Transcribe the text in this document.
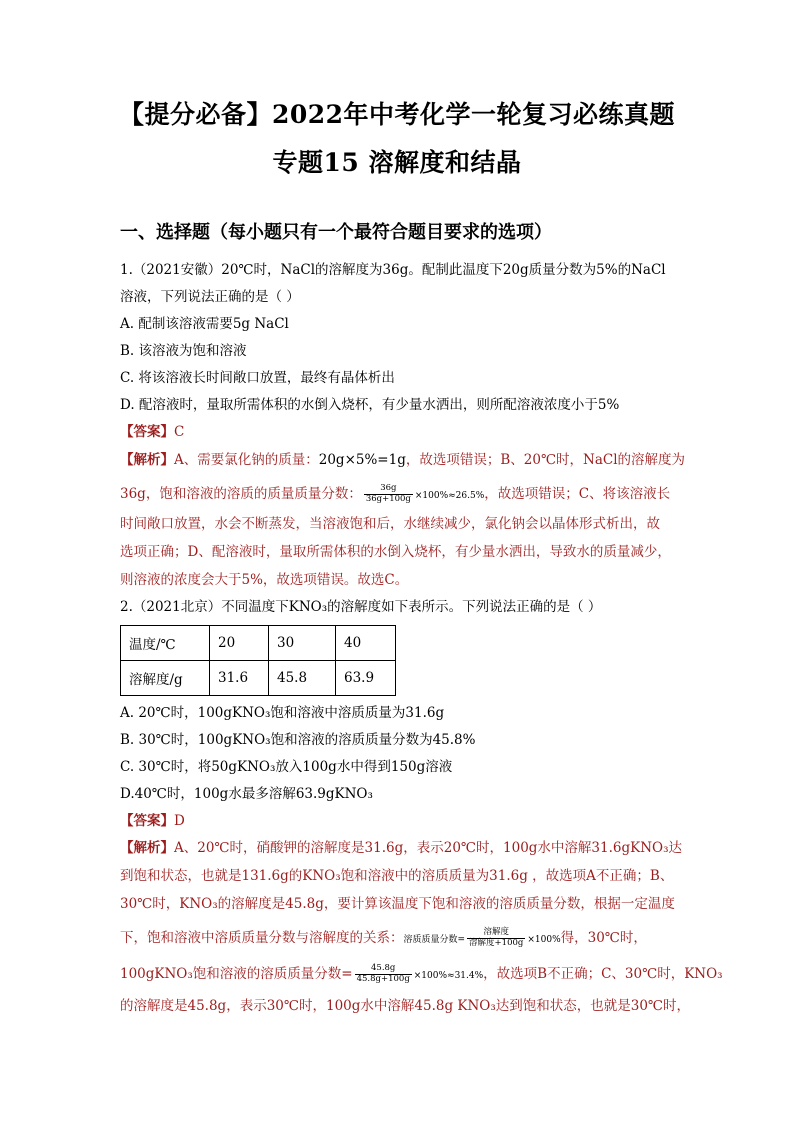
【提分必备】2022年中考化学一轮复习必练真题
专题15 溶解度和结晶
一、选择题（每小题只有一个最符合题目要求的选项）
1.（2021安徽）20℃时，NaCl的溶解度为36g。配制此温度下20g质量分数为5%的NaCl
溶液，下列说法正确的是（ ）
A. 配制该溶液需要5g NaCl
B. 该溶液为饱和溶液
C. 将该溶液长时间敞口放置，最终有晶体析出
D. 配溶液时，量取所需体积的水倒入烧杯，有少量水洒出，则所配溶液浓度小于5%
【答案】C
【解析】A、需要氯化钠的质量：20g×5%=1g，故选项错误；B、20℃时，NaCl的溶解度为
36g，饱和溶液的溶质的质量质量分数： $\frac{36g}{36g+100g} \times 100\%\approx 26.5\%$，故选项错误；C、将该溶液长
时间敞口放置，水会不断蒸发，当溶液饱和后，水继续减少，氯化钠会以晶体形式析出，故
选项正确；D、配溶液时，量取所需体积的水倒入烧杯，有少量水洒出，导致水的质量减少，
则溶液的浓度会大于5%，故选项错误。故选C。
2.（2021北京）不同温度下KNO₃的溶解度如下表所示。下列说法正确的是（ ）
温度/℃	20	30	40
溶解度/g	31.6	45.8	63.9
A. 20℃时，100gKNO₃饱和溶液中溶质质量为31.6g
B. 30℃时，100gKNO₃饱和溶液的溶质质量分数为45.8%
C. 30℃时，将50gKNO₃放入100g水中得到150g溶液
D.40℃时，100g水最多溶解63.9gKNO₃
【答案】D
【解析】A、20℃时，硝酸钾的溶解度是31.6g，表示20℃时，100g水中溶解31.6gKNO₃达
到饱和状态，也就是131.6g的KNO₃饱和溶液中的溶质质量为31.6g ，故选项A不正确；B、
30℃时，KNO₃的溶解度是45.8g，要计算该温度下饱和溶液的溶质质量分数，根据一定温度
下，饱和溶液中溶质质量分数与溶解度的关系：溶质质量分数= $\frac{\text{溶解度}}{\text{溶解度+100g}} \times 100\%$得，30℃时，
100gKNO₃饱和溶液的溶质质量分数= $\frac{45.8g}{45.8g+100g} \times 100\%\approx 31.4\%$，故选项B不正确；C、30℃时，KNO₃
的溶解度是45.8g，表示30℃时，100g水中溶解45.8g KNO₃达到饱和状态，也就是30℃时，
